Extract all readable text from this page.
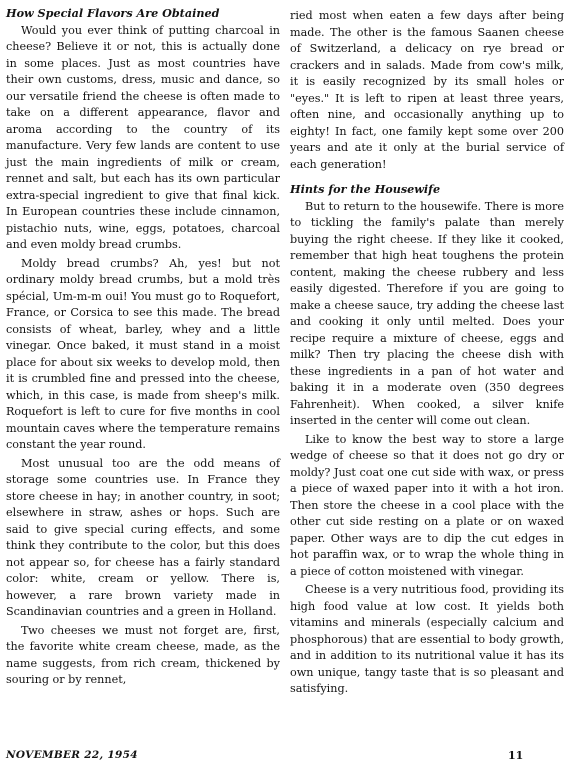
How Special Flavors Are Obtained

Would you ever think of putting charcoal in cheese? Believe it or not, this is actually done in some places. Just as most countries have their own customs, dress, music and dance, so our versatile friend the cheese is often made to take on a different appearance, flavor and aroma according to the country of its manufacture. Very few lands are content to use just the main ingredients of milk or cream, rennet and salt, but each has its own particular extra-special ingredient to give that final kick. In European countries these include cinnamon, pistachio nuts, wine, eggs, potatoes, charcoal and even moldy bread crumbs.

Moldy bread crumbs? Ah, yes! but not ordinary moldy bread crumbs, but a mold très spécial, Um-m-m oui! You must go to Roquefort, France, or Corsica to see this made. The bread consists of wheat, barley, whey and a little vinegar. Once baked, it must stand in a moist place for about six weeks to develop mold, then it is crumbled fine and pressed into the cheese, which, in this case, is made from sheep's milk. Roquefort is left to cure for five months in cool mountain caves where the temperature remains constant the year round.

Most unusual too are the odd means of storage some countries use. In France they store cheese in hay; in another country, in soot; elsewhere in straw, ashes or hops. Such are said to give special curing effects, and some think they contribute to the color, but this does not appear so, for cheese has a fairly standard color: white, cream or yellow. There is, however, a rare brown variety made in Scandinavian countries and a green in Holland.

Two cheeses we must not forget are, first, the favorite white cream cheese, made, as the name suggests, from rich cream, thickened by souring or by rennet,

ried most when eaten a few days after being made. The other is the famous Saanen cheese of Switzerland, a delicacy on rye bread or crackers and in salads. Made from cow's milk, it is easily recognized by its small holes or "eyes." It is left to ripen at least three years, often nine, and occasionally anything up to eighty! In fact, one family kept some over 200 years and ate it only at the burial service of each generation!

Hints for the Housewife

But to return to the housewife. There is more to tickling the family's palate than merely buying the right cheese. If they like it cooked, remember that high heat toughens the protein content, making the cheese rubbery and less easily digested. Therefore if you are going to make a cheese sauce, try adding the cheese last and cooking it only until melted. Does your recipe require a mixture of cheese, eggs and milk? Then try placing the cheese dish with these ingredients in a pan of hot water and baking it in a moderate oven (350 degrees Fahrenheit). When cooked, a silver knife inserted in the center will come out clean.

Like to know the best way to store a large wedge of cheese so that it does not go dry or moldy? Just coat one cut side with wax, or press a piece of waxed paper into it with a hot iron. Then store the cheese in a cool place with the other cut side resting on a plate or on waxed paper. Other ways are to dip the cut edges in hot paraffin wax, or to wrap the whole thing in a piece of cotton moistened with vinegar.

Cheese is a very nutritious food, providing its high food value at low cost. It yields both vitamins and minerals (especially calcium and phosphorous) that are essential to body growth, and in addition to its nutritional value it has its own unique, tangy taste that is so pleasant and satisfying.

NOVEMBER 22, 1954	11
